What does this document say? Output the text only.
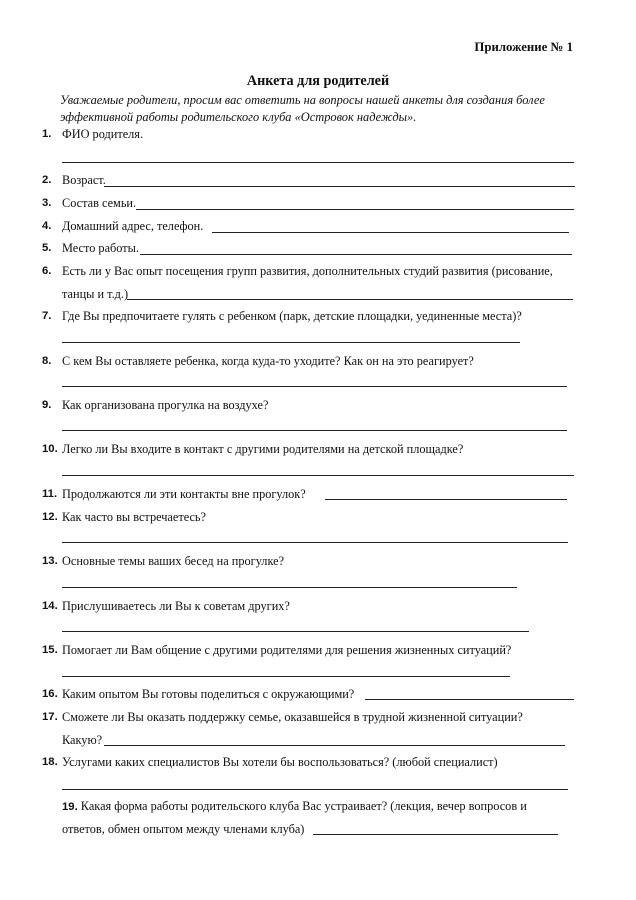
Приложение № 1
Анкета для родителей
Уважаемые родители, просим вас ответить на вопросы нашей анкеты для создания более эффективной работы родительского клуба «Островок надежды».
1. ФИО родителя.
2. Возраст.
3. Состав семьи.
4. Домашний адрес, телефон.
5. Место работы.
6. Есть ли у Вас опыт посещения групп развития, дополнительных студий развития (рисование,
танцы и т.д.)
7. Где Вы предпочитаете гулять с ребенком (парк, детские площадки, уединенные места)?
8. С кем Вы оставляете ребенка, когда куда-то уходите? Как он на это реагирует?
9. Как организована прогулка на воздухе?
10. Легко ли Вы входите в контакт с другими родителями на детской площадке?
11. Продолжаются ли эти контакты вне прогулок?
12. Как часто вы встречаетесь?
13. Основные темы ваших бесед на прогулке?
14. Прислушиваетесь ли Вы к советам других?
15. Помогает ли Вам общение с другими родителями для решения жизненных ситуаций?
16. Каким опытом Вы готовы поделиться с окружающими?
17. Сможете ли Вы оказать поддержку семье, оказавшейся в трудной жизненной ситуации?
Какую?
18. Услугами каких специалистов Вы хотели бы воспользоваться? (любой специалист)
19. Какая форма работы родительского клуба Вас устраивает? (лекция, вечер вопросов и
ответов, обмен опытом между членами клуба)
